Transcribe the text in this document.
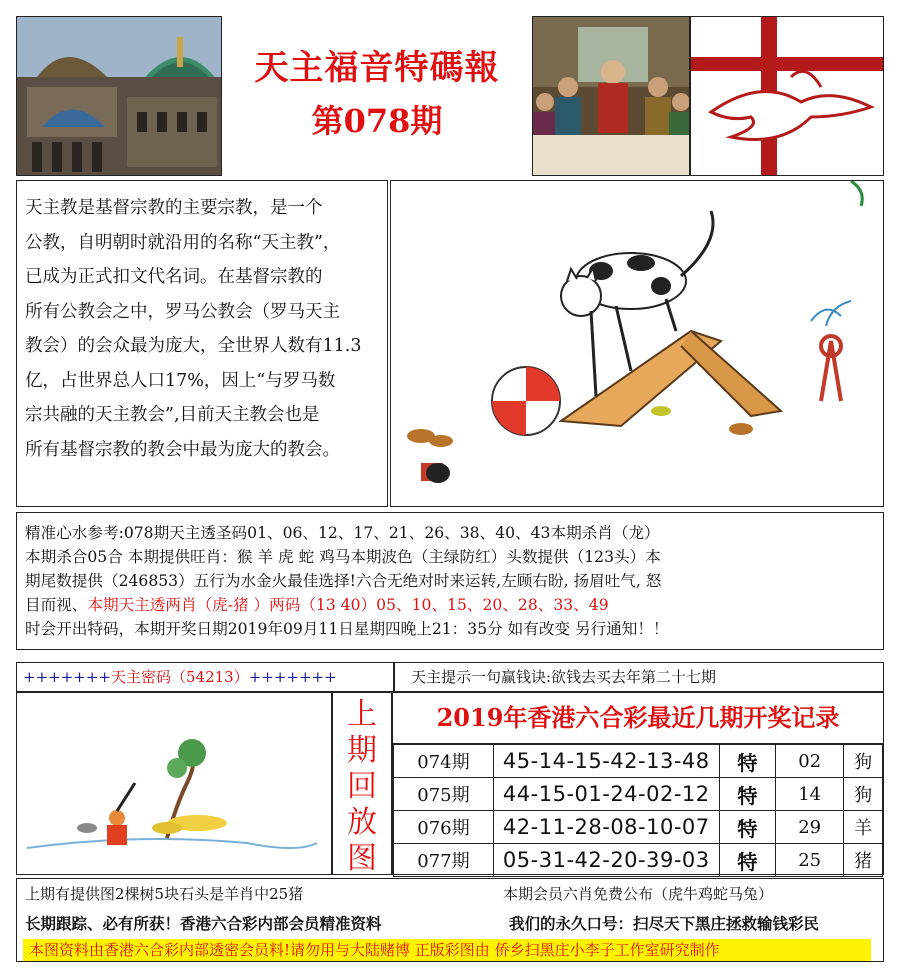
天主福音特碼報
第078期

天主教是基督宗教的主要宗教，是一个

公教，自明朝时就沿用的名称“天主教”，

已成为正式扣文代名词。在基督宗教的

所有公教会之中，罗马公教会（罗马天主

教会）的会众最为庞大，全世界人数有11.3

亿，占世界总人口17%，因上“与罗马数

宗共融的天主教会”,目前天主教会也是

所有基督宗教的教会中最为庞大的教会。

精准心水参考:078期天主透圣码01、06、12、17、21、26、38、40、43本期杀肖（龙）
本期杀合05合 本期提供旺肖：猴 羊 虎 蛇 鸡马本期波色（主绿防红）头数提供（123头）本
期尾数提供（246853）五行为水金火最佳选择!六合无绝对时来运转,左顾右盼, 扬眉吐气, 怒
目而视、本期天主透两肖（虎-猪 ）两码（13 40）05、10、15、20、28、33、49
时会开出特码，本期开奖日期2019年09月11日星期四晚上21：35分 如有改变 另行通知！！
+++++++天主密码（54213）+++++++	天主提示一句赢钱诀:欲钱去买去年第二十七期
上
期
回
放
图
2019年香港六合彩最近几期开奖记录
074期	45-14-15-42-13-48	特	02	狗
075期	44-15-01-24-02-12	特	14	狗
076期	42-11-28-08-10-07	特	29	羊
077期	05-31-42-20-39-03	特	25	猪
上期有提供图2棵树5块石头是羊肖中25猪	本期会员六肖免费公布（虎牛鸡蛇马兔）
长期跟踪、必有所获！香港六合彩内部会员精准资料	我们的永久口号：扫尽天下黑庄拯救输钱彩民
本图资料由香港六合彩内部透密会员料!请勿用与大陆赌博 正版彩图由 侨乡扫黑庄小李子工作室研究制作
